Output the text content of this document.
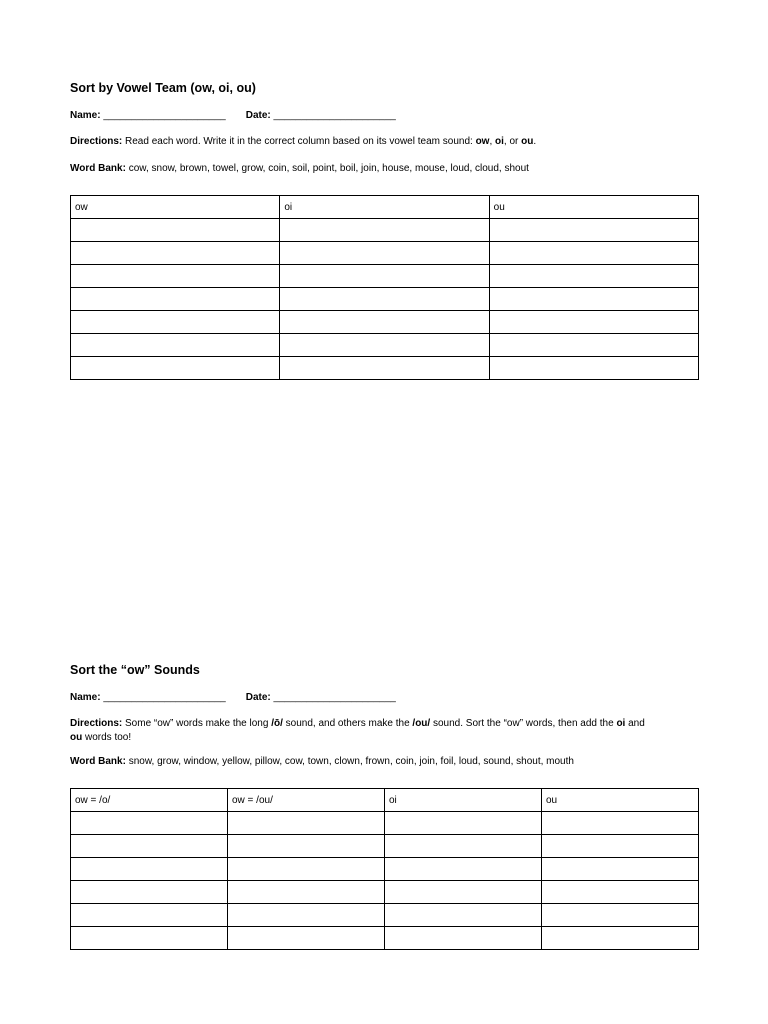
Sort by Vowel Team (ow, oi, ou)
Name: ______________________ Date: ______________________

Directions: Read each word. Write it in the correct column based on its vowel team sound: ow, oi, or ou.

Word Bank: cow, snow, brown, towel, grow, coin, soil, point, boil, join, house, mouse, loud, cloud, shout

ow	oi	ou

Sort the “ow” Sounds
Name: ______________________ Date: ______________________

Directions: Some “ow” words make the long /ō/ sound, and others make the /ou/ sound. Sort the “ow” words, then add the oi and
ou words too!

Word Bank: snow, grow, window, yellow, pillow, cow, town, clown, frown, coin, join, foil, loud, sound, shout, mouth

ow = /o/	ow = /ou/	oi	ou
